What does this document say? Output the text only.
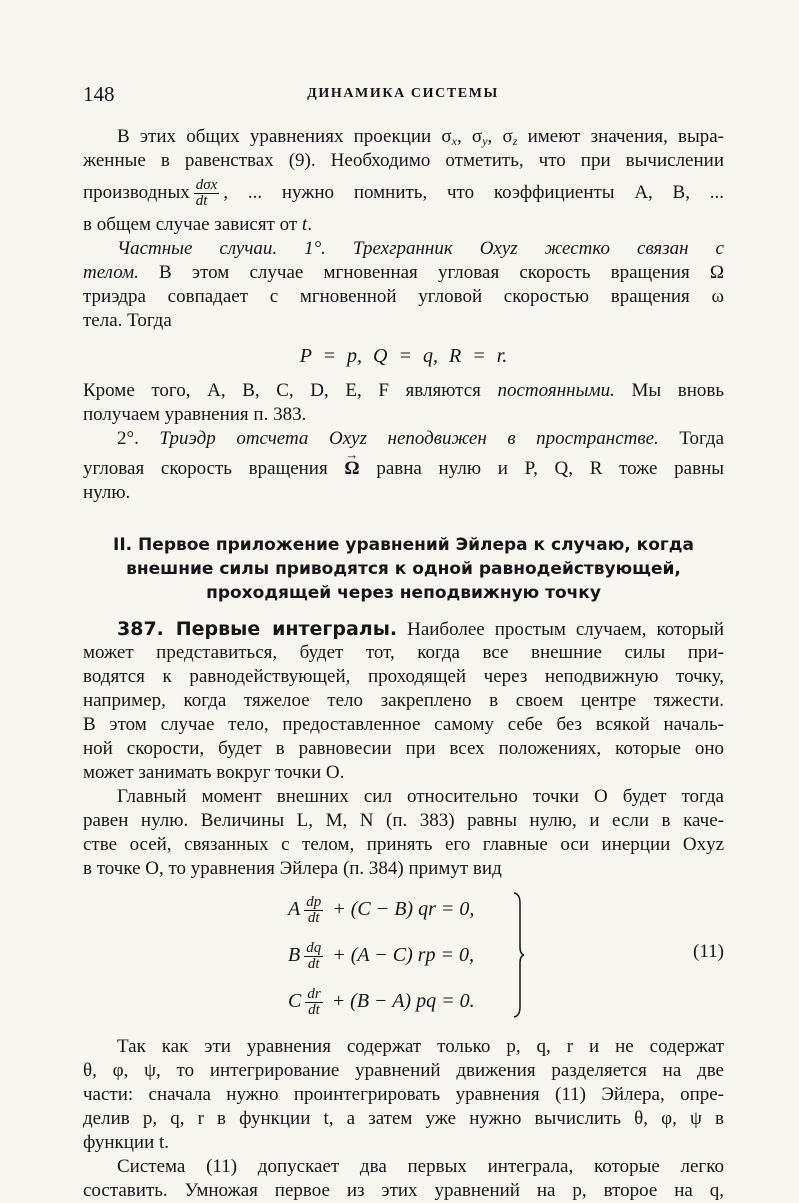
148	ДИНАМИКА СИСТЕМЫ
В этих общих уравнениях проекции $\sigma_x$, $\sigma_y$, $\sigma_z$ имеют значения, выра-
женные в равенствах (9). Необходимо отметить, что при вычислении
производных $\frac{\text{dσx}}{dt}$ , ... нужно помнить, что коэффициенты A, B, ...
в общем случае зависят от t.
Частные случаи. 1°. Трехгранник Oxyz жестко связан с
телом. В этом случае мгновенная угловая скорость вращения Ω
триэдра совпадает с мгновенной угловой скоростью вращения ω
тела. Тогда
P = p, Q = q, R = r.
Кроме того, A, B, C, D, E, F являются постоянными. Мы вновь
получаем уравнения п. 383.
2°. Триэдр отсчета Oxyz неподвижен в пространстве. Тогда
угловая скорость вращения → Ω равна нулю и P, Q, R тоже равны
нулю.
II. Первое приложение уравнений Эйлера к случаю, когда
внешние силы приводятся к одной равнодействующей,
проходящей через неподвижную точку
387. Первые интегралы. Наиболее простым случаем, который
может представиться, будет тот, когда все внешние силы при-
водятся к равнодействующей, проходящей через неподвижную точку,
например, когда тяжелое тело закреплено в своем центре тяжести.
В этом случае тело, предоставленное самому себе без всякой началь-
ной скорости, будет в равновесии при всех положениях, которые оно
может занимать вокруг точки O.
Главный момент внешних сил относительно точки O будет тогда
равен нулю. Величины L, M, N (п. 383) равны нулю, и если в каче-
стве осей, связанных с телом, принять его главные оси инерции Oxyz
в точке O, то уравнения Эйлера (п. 384) примут вид
A $\frac{dp}{dt} + (C - B)$ qr = 0,
B $\frac{dq}{dt} + (A - C)$ rp = 0,
C $\frac{dr}{dt} + (B - A)$ pq = 0.
(11)
Так как эти уравнения содержат только p, q, r и не содержат
θ, φ, ψ, то интегрирование уравнений движения разделяется на две
части: сначала нужно проинтегрировать уравнения (11) Эйлера, опре-
делив p, q, r в функции t, а затем уже нужно вычислить θ, φ, ψ в
функции t.
Система (11) допускает два первых интеграла, которые легко
составить. Умножая первое из этих уравнений на p, второе на q,
